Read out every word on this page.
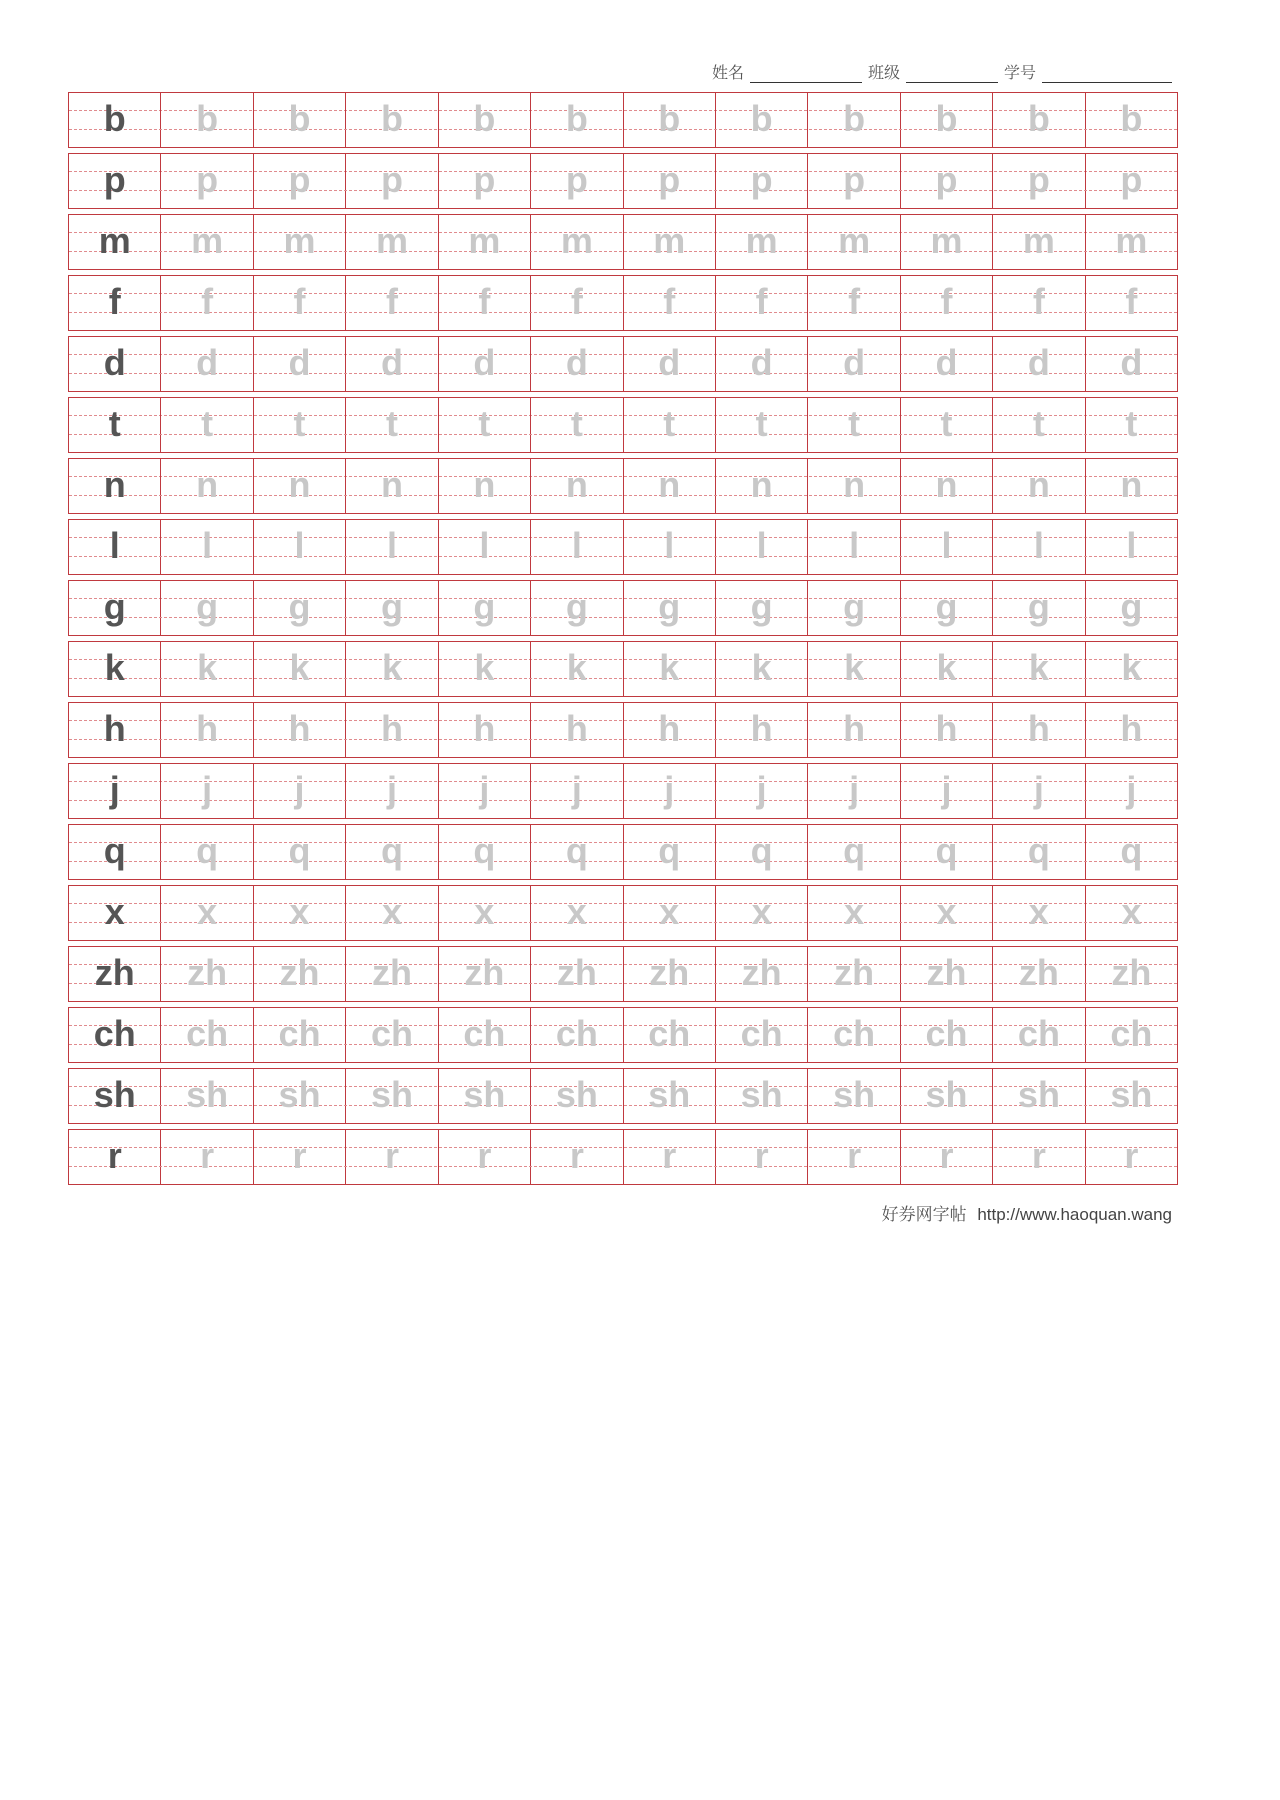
姓名	班级	学号
b b b b b b b b b b b b
p p p p p p p p p p p p
m m m m m m m m m m m m
f f f f f f f f f f f f
d d d d d d d d d d d d
t t t t t t t t t t t t
n n n n n n n n n n n n
l l l l l l l l l l l l
g g g g g g g g g g g g
k k k k k k k k k k k k
h h h h h h h h h h h h
j j j j j j j j j j j j
q q q q q q q q q q q q
x x x x x x x x x x x x
zh zh zh zh zh zh zh zh zh zh zh zh
ch ch ch ch ch ch ch ch ch ch ch ch
sh sh sh sh sh sh sh sh sh sh sh sh
r r r r r r r r r r r r
好券网字帖 http://www.haoquan.wang
